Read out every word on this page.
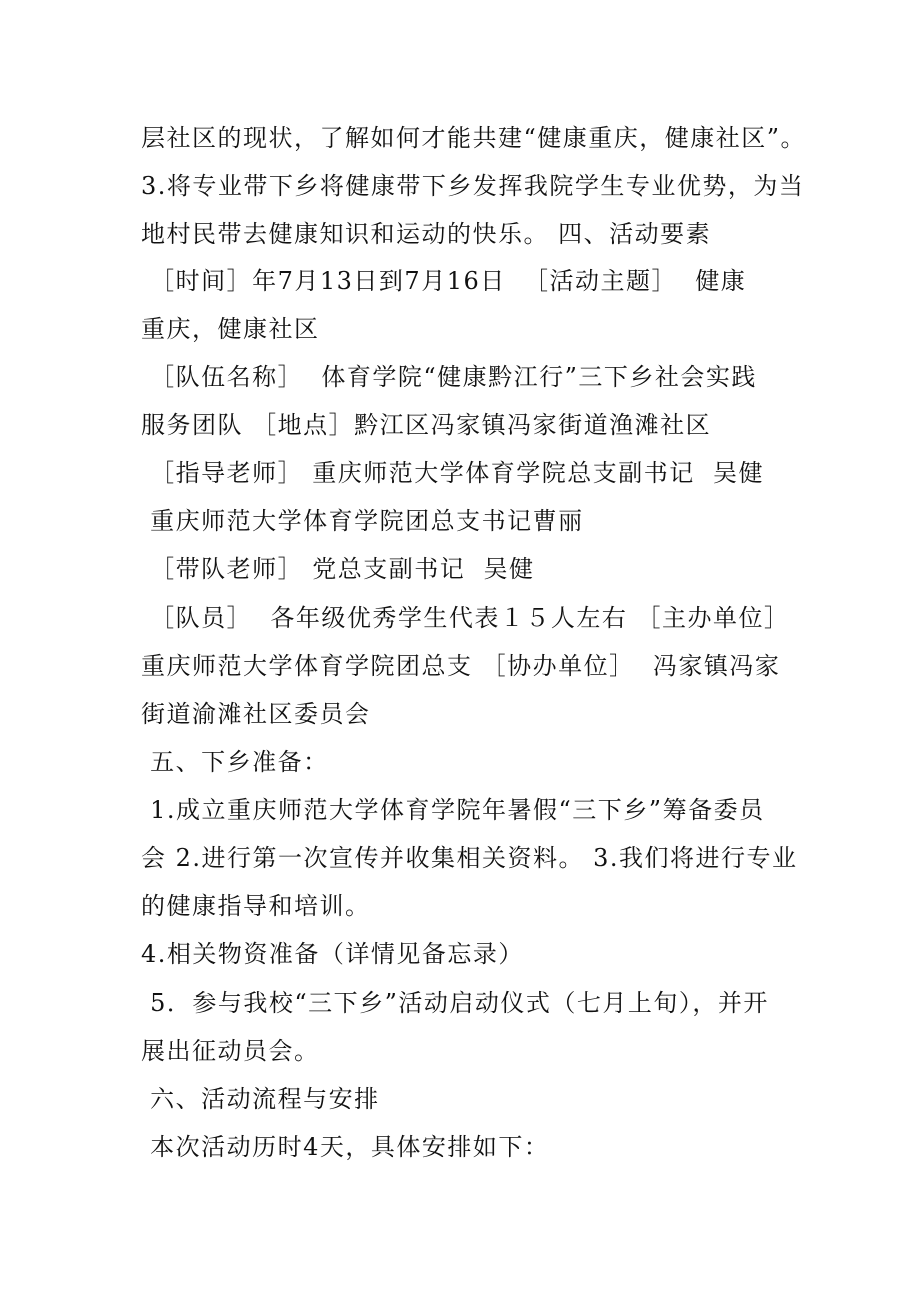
层社区的现状，了解如何才能共建“健康重庆，健康社区”。
3.将专业带下乡将健康带下乡发挥我院学生专业优势，为当
地村民带去健康知识和运动的快乐。 四、活动要素
［时间］年7月13日到7月16日  ［活动主题］  健康
重庆，健康社区
［队伍名称］  体育学院“健康黔江行”三下乡社会实践
服务团队 ［地点］黔江区冯家镇冯家街道渔滩社区
［指导老师］ 重庆师范大学体育学院总支副书记  吴健
重庆师范大学体育学院团总支书记曹丽
［带队老师］ 党总支副书记  吴健
［队员］  各年级优秀学生代表１５人左右 ［主办单位］
重庆师范大学体育学院团总支 ［协办单位］  冯家镇冯家
街道渝滩社区委员会
五、下乡准备：
1.成立重庆师范大学体育学院年暑假“三下乡”筹备委员
会 2.进行第一次宣传并收集相关资料。 3.我们将进行专业
的健康指导和培训。
4.相关物资准备（详情见备忘录）
5．参与我校“三下乡”活动启动仪式（七月上旬），并开
展出征动员会。
六、活动流程与安排
本次活动历时4天，具体安排如下：
